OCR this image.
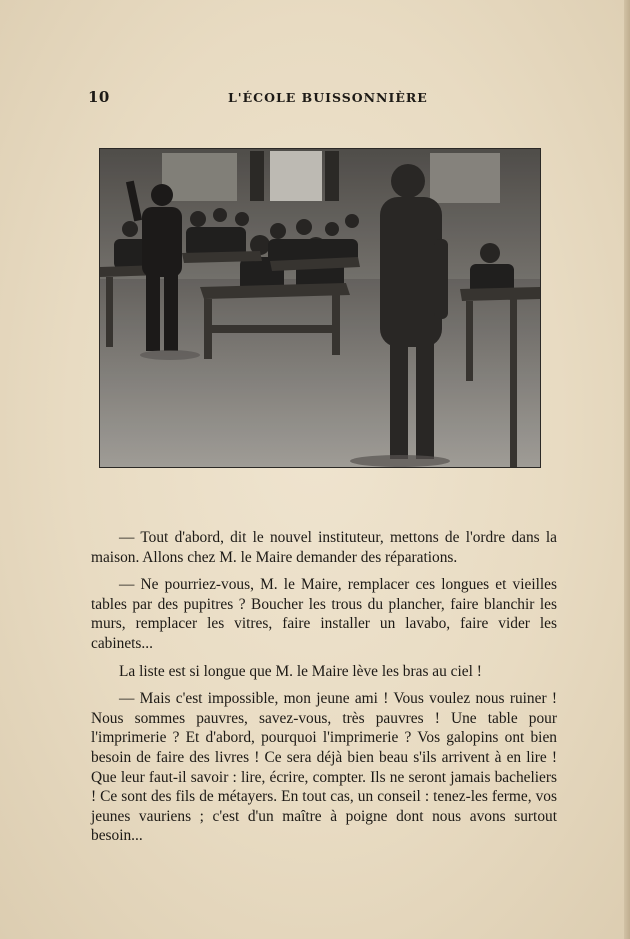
10	L'ÉCOLE BUISSONNIÈRE

— Tout d'abord, dit le nouvel instituteur, mettons de l'ordre dans la maison. Allons chez M. le Maire demander des réparations.

— Ne pourriez-vous, M. le Maire, remplacer ces longues et vieilles tables par des pupitres ? Boucher les trous du plancher, faire blanchir les murs, remplacer les vitres, faire installer un lavabo, faire vider les cabinets...

La liste est si longue que M. le Maire lève les bras au ciel !

— Mais c'est impossible, mon jeune ami ! Vous voulez nous ruiner ! Nous sommes pauvres, savez-vous, très pauvres ! Une table pour l'imprimerie ? Et d'abord, pourquoi l'imprimerie ? Vos galopins ont bien besoin de faire des livres ! Ce sera déjà bien beau s'ils arrivent à en lire ! Que leur faut-il savoir : lire, écrire, compter. Ils ne seront jamais bacheliers ! Ce sont des fils de métayers. En tout cas, un conseil : tenez-les ferme, vos jeunes vauriens ; c'est d'un maître à poigne dont nous avons surtout besoin...
